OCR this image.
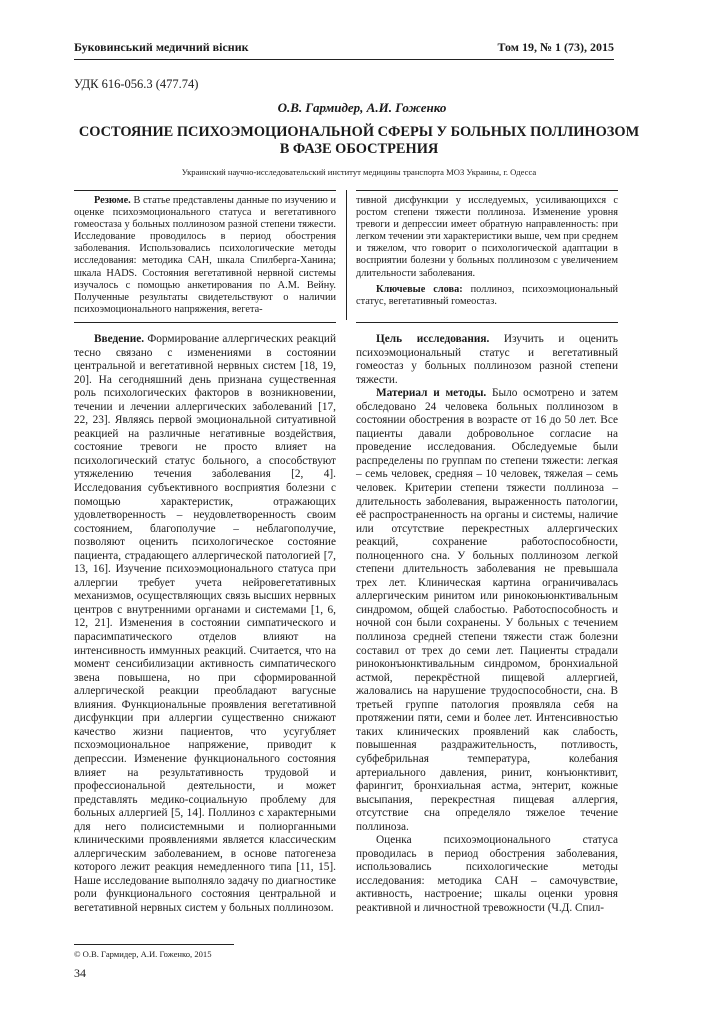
Буковинський медичний вісник	Том 19, № 1 (73), 2015
УДК 616-056.3 (477.74)
О.В. Гармидер, А.И. Гоженко
СОСТОЯНИЕ ПСИХОЭМОЦИОНАЛЬНОЙ СФЕРЫ У БОЛЬНЫХ ПОЛЛИНОЗОМ В ФАЗЕ ОБОСТРЕНИЯ
Украинский научно-исследовательский институт медицины транспорта МОЗ Украины, г. Одесса

Резюме. В статье представлены данные по изучению и оценке психоэмоционального статуса и вегетативного гомеостаза у больных поллинозом разной степени тяжести. Исследование проводилось в период обострения заболевания. Использовались психологические методы исследования: методика САН, шкала Спилберга-Ханина; шкала HADS. Состояния вегетативной нервной системы изучалось с помощью анкетирования по А.М. Вейну. Полученные результаты свидетельствуют о наличии психоэмоционального напряжения, вегета-

тивной дисфункции у исследуемых, усиливающихся с ростом степени тяжести поллиноза. Изменение уровня тревоги и депрессии имеет обратную направленность: при легком течении эти характеристики выше, чем при среднем и тяжелом, что говорит о психологической адаптации в восприятии болезни у больных поллинозом с увеличением длительности заболевания.

Ключевые слова: поллиноз, психоэмоциональный статус, вегетативный гомеостаз.

Введение. Формирование аллергических реакций тесно связано с изменениями в состоянии центральной и вегетативной нервных систем [18, 19, 20]. На сегодняшний день признана существенная роль психологических факторов в возникновении, течении и лечении аллергических заболеваний [17, 22, 23]. Являясь первой эмоциональной ситуативной реакцией на различные негативные воздействия, состояние тревоги не просто влияет на психологический статус больного, а способствуют утяжелению течения заболевания [2, 4]. Исследования субъективного восприятия болезни с помощью характеристик, отражающих удовлетворенность – неудовлетворенность своим состоянием, благополучие – неблагополучие, позволяют оценить психологическое состояние пациента, страдающего аллергической патологией [7, 13, 16]. Изучение психоэмоционального статуса при аллергии требует учета нейровегетативных механизмов, осуществляющих связь высших нервных центров с внутренними органами и системами [1, 6, 12, 21]. Изменения в состоянии симпатического и парасимпатического отделов влияют на интенсивность иммунных реакций. Считается, что на момент сенсибилизации активность симпатического звена повышена, но при сформированной аллергической реакции преобладают вагусные влияния. Функциональные проявления вегетативной дисфункции при аллергии существенно снижают качество жизни пациентов, что усугубляет псхоэмоциональное напряжение, приводит к депрессии. Изменение функционального состояния влияет на результативность трудовой и профессиональной деятельности, и может представлять медико-социальную проблему для больных аллергией [5, 14]. Поллиноз с характерными для него полисистемными и полиорганными клиническими проявлениями является классическим аллергическим заболеванием, в основе патогенеза которого лежит реакция немедленного типа [11, 15]. Наше исследование выполняло задачу по диагностике роли функционального состояния центральной и вегетативной нервных систем у больных поллинозом.

Цель исследования. Изучить и оценить психоэмоциональный статус и вегетативный гомеостаз у больных поллинозом разной степени тяжести.

Материал и методы. Было осмотрено и затем обследовано 24 человека больных поллинозом в состоянии обострения в возрасте от 16 до 50 лет. Все пациенты давали добровольное согласие на проведение исследования. Обследуемые были распределены по группам по степени тяжести: легкая – семь человек, средняя – 10 человек, тяжелая – семь человек. Критерии степени тяжести поллиноза – длительность заболевания, выраженность патологии, её распространенность на органы и системы, наличие или отсутствие перекрестных аллергических реакций, сохранение работоспособности, полноценного сна. У больных поллинозом легкой степени длительность заболевания не превышала трех лет. Клиническая картина ограничивалась аллергическим ринитом или ринокоњюнктивальным синдромом, общей слабостью. Работоспособность и ночной сон были сохранены. У больных с течением поллиноза средней степени тяжести стаж болезни составил от трех до семи лет. Пациенты страдали риноконъюнктивальным синдромом, бронхиальной астмой, перекрёстной пищевой аллергией, жаловались на нарушение трудоспособности, сна. В третьей группе патология проявляла себя на протяжении пяти, семи и более лет. Интенсивностью таких клинических проявлений как слабость, повышенная раздражительность, потливость, субфебрильная температура, колебания артериального давления, ринит, конъюнктивит, фарингит, бронхиальная астма, энтерит, кожные высыпания, перекрестная пищевая аллергия, отсутствие сна определяло тяжелое течение поллиноза.

Оценка психоэмоционального статуса проводилась в период обострения заболевания, использовались психологические методы исследования: методика САН – самочувствие, активность, настроение; шкалы оценки уровня реактивной и личностной тревожности (Ч.Д. Спил-

© О.В. Гармидер, А.И. Гоженко, 2015
34
